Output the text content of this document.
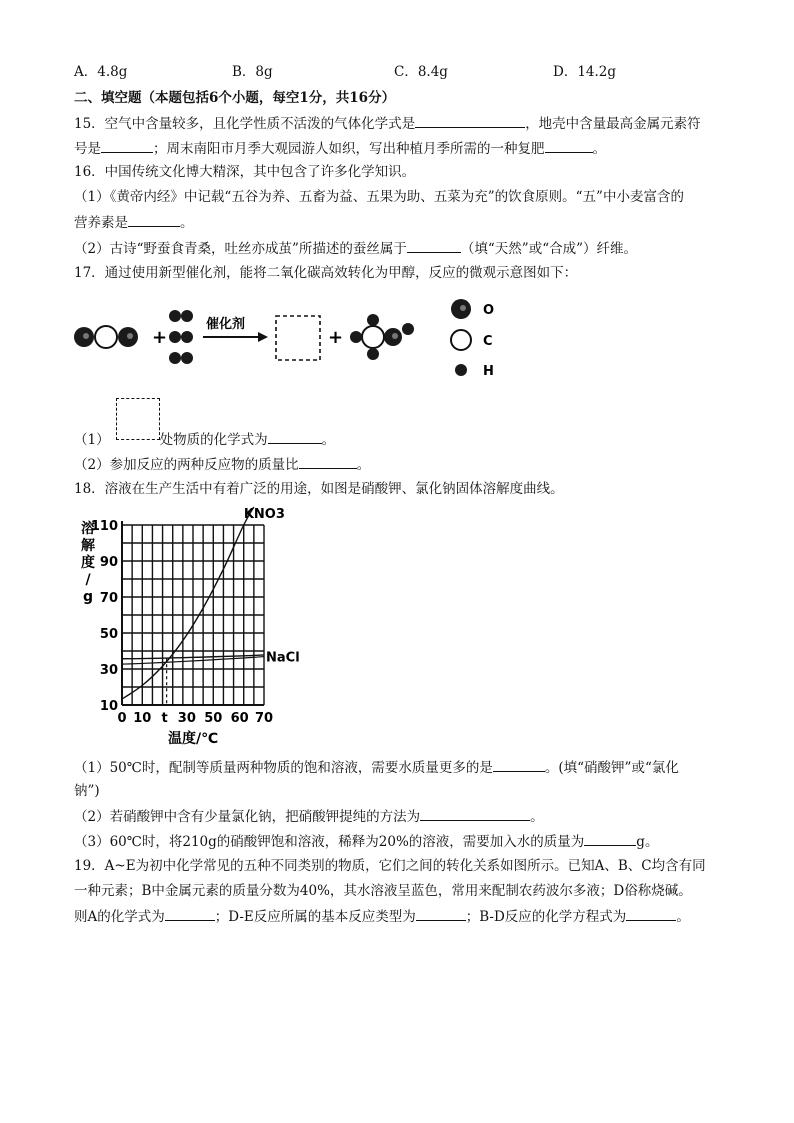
A．4.8g	B．8g	C．8.4g	D．14.2g
二、填空题（本题包括6个小题，每空1分，共16分）
15．空气中含量较多，且化学性质不活泼的气体化学式是	，地壳中含量最高金属元素符
号是	；周末南阳市月季大观园游人如织，写出种植月季所需的一种复肥	。
16．中国传统文化博大精深，其中包含了许多化学知识。
（1）《黄帝内经》中记载“五谷为养、五畜为益、五果为助、五菜为充”的饮食原则。“五”中小麦富含的
营养素是	。
（2）古诗“野蚕食青桑，吐丝亦成茧”所描述的蚕丝属于	（填“天然”或“合成”）纤维。
17．通过使用新型催化剂，能将二氧化碳高效转化为甲醇，反应的微观示意图如下：
+
催化剂
+
O
C
H
（1）	处物质的化学式为	。
（2）参加反应的两种反应物的质量比	。
18．溶液在生产生活中有着广泛的用途，如图是硝酸钾、氯化钠固体溶解度曲线。
10
30
50
70
90
110
0 10 t 30 50 60 70
溶
解
度
/
g
温度/℃
KNO3
NaCl
（1）50℃时，配制等质量两种物质的饱和溶液，需要水质量更多的是	。(填“硝酸钾”或“氯化
钠”)
（2）若硝酸钾中含有少量氯化钠，把硝酸钾提纯的方法为	。
（3）60℃时，将210g的硝酸钾饱和溶液，稀释为20%的溶液，需要加入水的质量为	g。
19．A~E为初中化学常见的五种不同类别的物质，它们之间的转化关系如图所示。已知A、B、C均含有同
一种元素；B中金属元素的质量分数为40%，其水溶液呈蓝色，常用来配制农药波尔多液；D俗称烧碱。
则A的化学式为	；D-E反应所属的基本反应类型为	；B-D反应的化学方程式为	。
